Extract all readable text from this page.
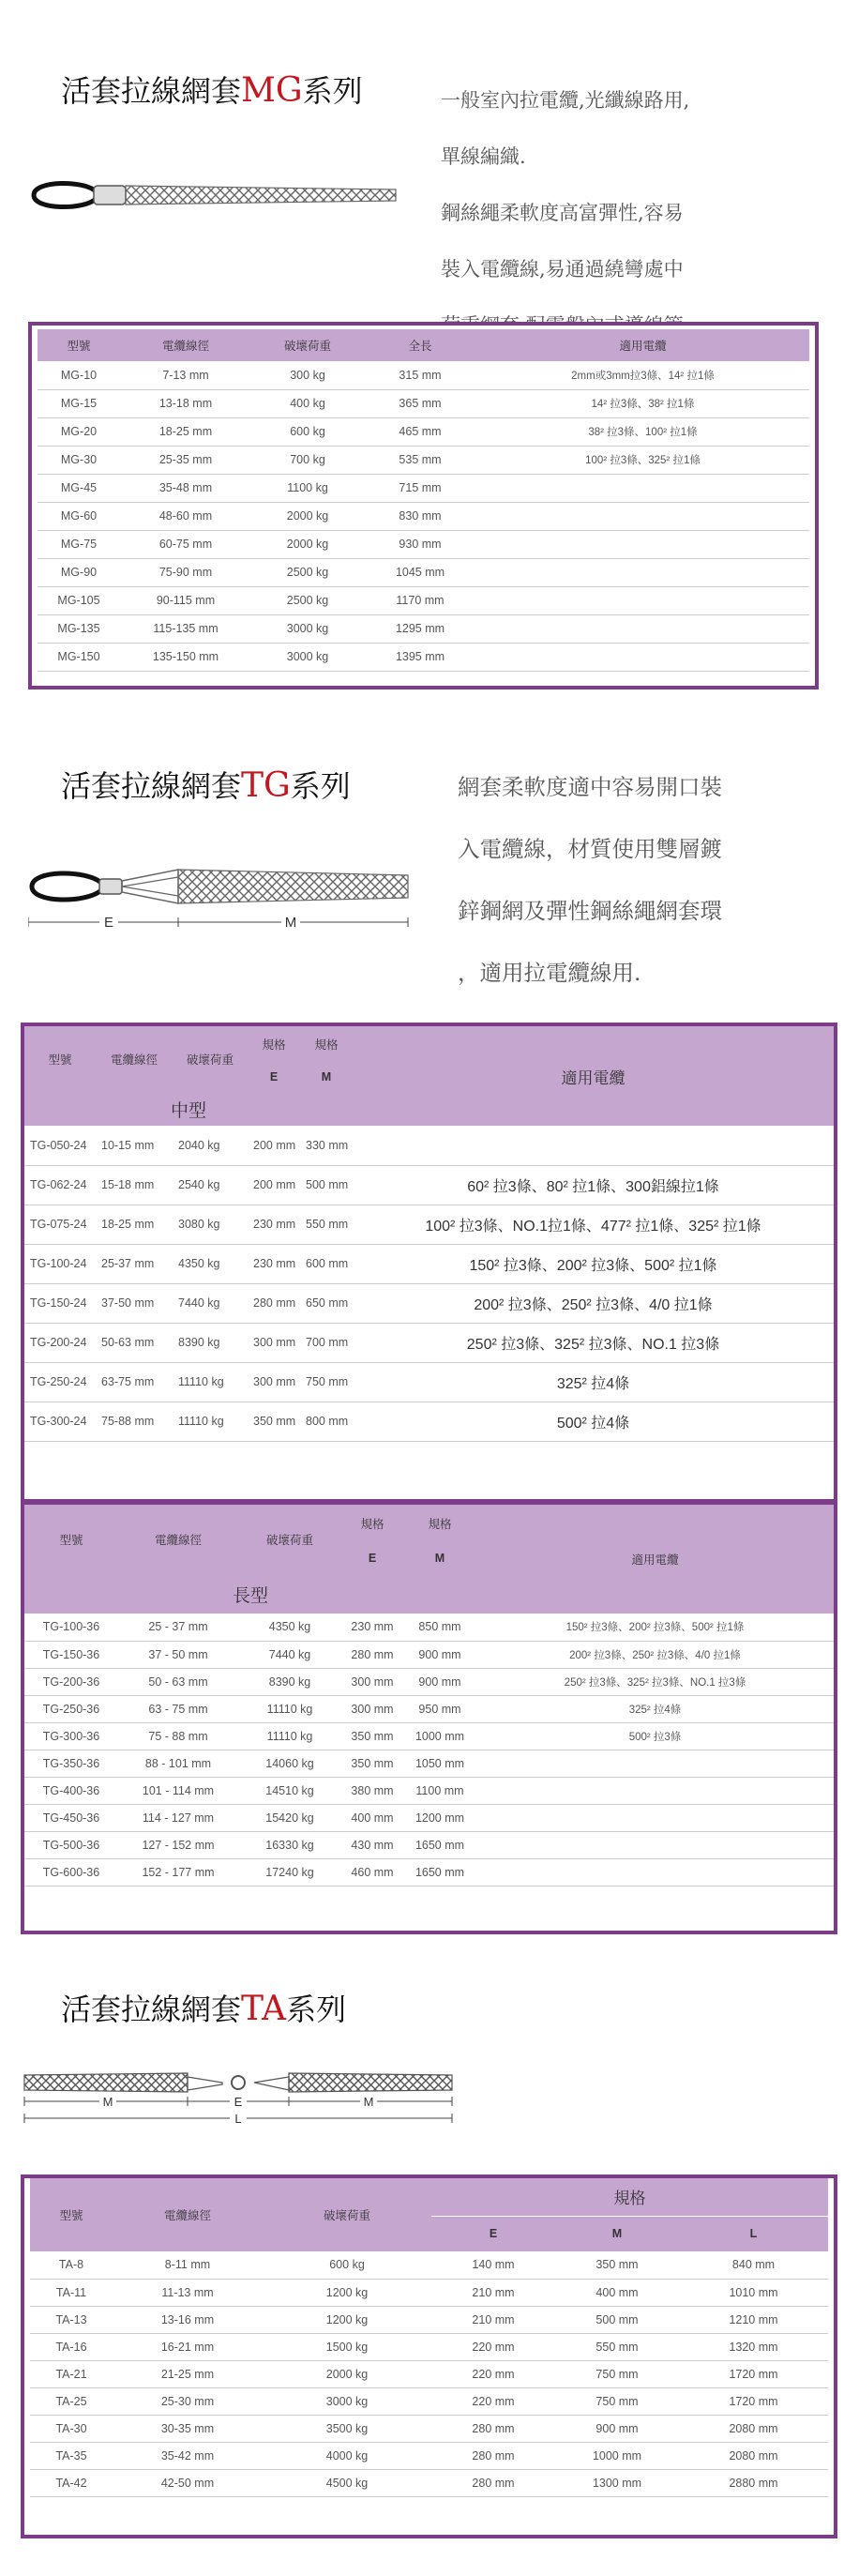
活套拉線網套MG系列	一般室內拉電纜,光纖線路用,

單線編織.

鋼絲繩柔軟度高富彈性,容易

裝入電纜線,易通過繞彎處中

型號	電纜線徑	破壞荷重	全長	適用電纜
MG-10	7-13 mm	300 kg	315 mm	2mm或3mm拉3條、14² 拉1條
MG-15	13-18 mm	400 kg	365 mm	14² 拉3條、38² 拉1條
MG-20	18-25 mm	600 kg	465 mm	38² 拉3條、100² 拉1條
MG-30	25-35 mm	700 kg	535 mm	100² 拉3條、325² 拉1條
MG-45	35-48 mm	1100 kg	715 mm	
MG-60	48-60 mm	2000 kg	830 mm	
MG-75	60-75 mm	2000 kg	930 mm	
MG-90	75-90 mm	2500 kg	1045 mm	
MG-105	90-115 mm	2500 kg	1170 mm	
MG-135	115-135 mm	3000 kg	1295 mm	
MG-150	135-150 mm	3000 kg	1395 mm	
活套拉線網套TG系列
E	M

網套柔軟度適中容易開口裝

入電纜線，材質使用雙層鍍

鋅鋼網及彈性鋼絲繩網套環

，適用拉電纜線用.

型號	電纜線徑	破壞荷重	規格	規格	適用電纜
			E	M	
中型					
TG-050-24	10-15 mm	2040 kg	200 mm	330 mm	
TG-062-24	15-18 mm	2540 kg	200 mm	500 mm	60² 拉3條、80² 拉1條、300鋁線拉1條
TG-075-24	18-25 mm	3080 kg	230 mm	550 mm	100² 拉3條、NO.1拉1條、477² 拉1條、325² 拉1條
TG-100-24	25-37 mm	4350 kg	230 mm	600 mm	150² 拉3條、200² 拉3條、500² 拉1條
TG-150-24	37-50 mm	7440 kg	280 mm	650 mm	200² 拉3條、250² 拉3條、4/0 拉1條
TG-200-24	50-63 mm	8390 kg	300 mm	700 mm	250² 拉3條、325² 拉3條、NO.1 拉3條
TG-250-24	63-75 mm	11110 kg	300 mm	750 mm	325² 拉4條
TG-300-24	75-88 mm	11110 kg	350 mm	800 mm	500² 拉4條
型號	電纜線徑	破壞荷重	規格	規格	適用電纜
			E	M	
長型					
TG-100-36	25 - 37 mm	4350 kg	230 mm	850 mm	150² 拉3條、200² 拉3條、500² 拉1條
TG-150-36	37 - 50 mm	7440 kg	280 mm	900 mm	200² 拉3條、250² 拉3條、4/0 拉1條
TG-200-36	50 - 63 mm	8390 kg	300 mm	900 mm	250² 拉3條、325² 拉3條、NO.1 拉3條
TG-250-36	63 - 75 mm	11110 kg	300 mm	950 mm	325² 拉4條
TG-300-36	75 - 88 mm	11110 kg	350 mm	1000 mm	500² 拉3條
TG-350-36	88 - 101 mm	14060 kg	350 mm	1050 mm	
TG-400-36	101 - 114 mm	14510 kg	380 mm	1100 mm	
TG-450-36	114 - 127 mm	15420 kg	400 mm	1200 mm	
TG-500-36	127 - 152 mm	16330 kg	430 mm	1650 mm	
TG-600-36	152 - 177 mm	17240 kg	460 mm	1650 mm	
活套拉線網套TA系列
M	E	M
L
型號	電纜線徑	破壞荷重	規格		
			E	M	L
TA-8	8-11 mm	600 kg	140 mm	350 mm	840 mm
TA-11	11-13 mm	1200 kg	210 mm	400 mm	1010 mm
TA-13	13-16 mm	1200 kg	210 mm	500 mm	1210 mm
TA-16	16-21 mm	1500 kg	220 mm	550 mm	1320 mm
TA-21	21-25 mm	2000 kg	220 mm	750 mm	1720 mm
TA-25	25-30 mm	3000 kg	220 mm	750 mm	1720 mm
TA-30	30-35 mm	3500 kg	280 mm	900 mm	2080 mm
TA-35	35-42 mm	4000 kg	280 mm	1000 mm	2080 mm
TA-42	42-50 mm	4500 kg	280 mm	1300 mm	2880 mm
